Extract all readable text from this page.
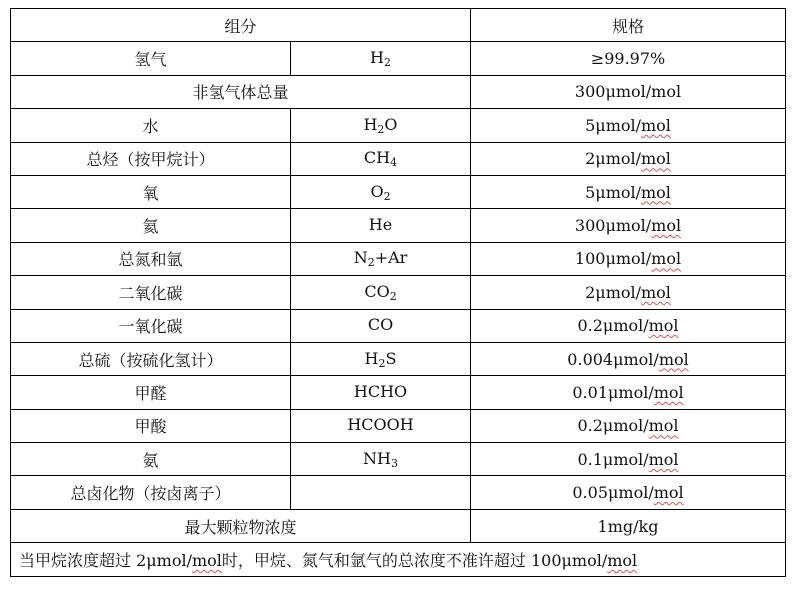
组分		规格
氢气	$H_2$	≥99.97%
非氢气体总量		300μmol/mol
水	$H_2O$	5μmol/mol
总烃（按甲烷计）	$CH_4$	2μmol/mol
氧	$O_2$	5μmol/mol
氦	He	300μmol/mol
总氮和氩	$N_2+Ar$	100μmol/mol
二氧化碳	$CO_2$	2μmol/mol
一氧化碳	CO	0.2μmol/mol
总硫（按硫化氢计）	$H_2S$	0.004μmol/mol
甲醛	HCHO	0.01μmol/mol
甲酸	HCOOH	0.2μmol/mol
氨	$NH_3$	0.1μmol/mol
总卤化物（按卤离子）		0.05μmol/mol
最大颗粒物浓度		1mg/kg
当甲烷浓度超过 2μmol/mol时，甲烷、氮气和氩气的总浓度不准许超过 100μmol/mol		
